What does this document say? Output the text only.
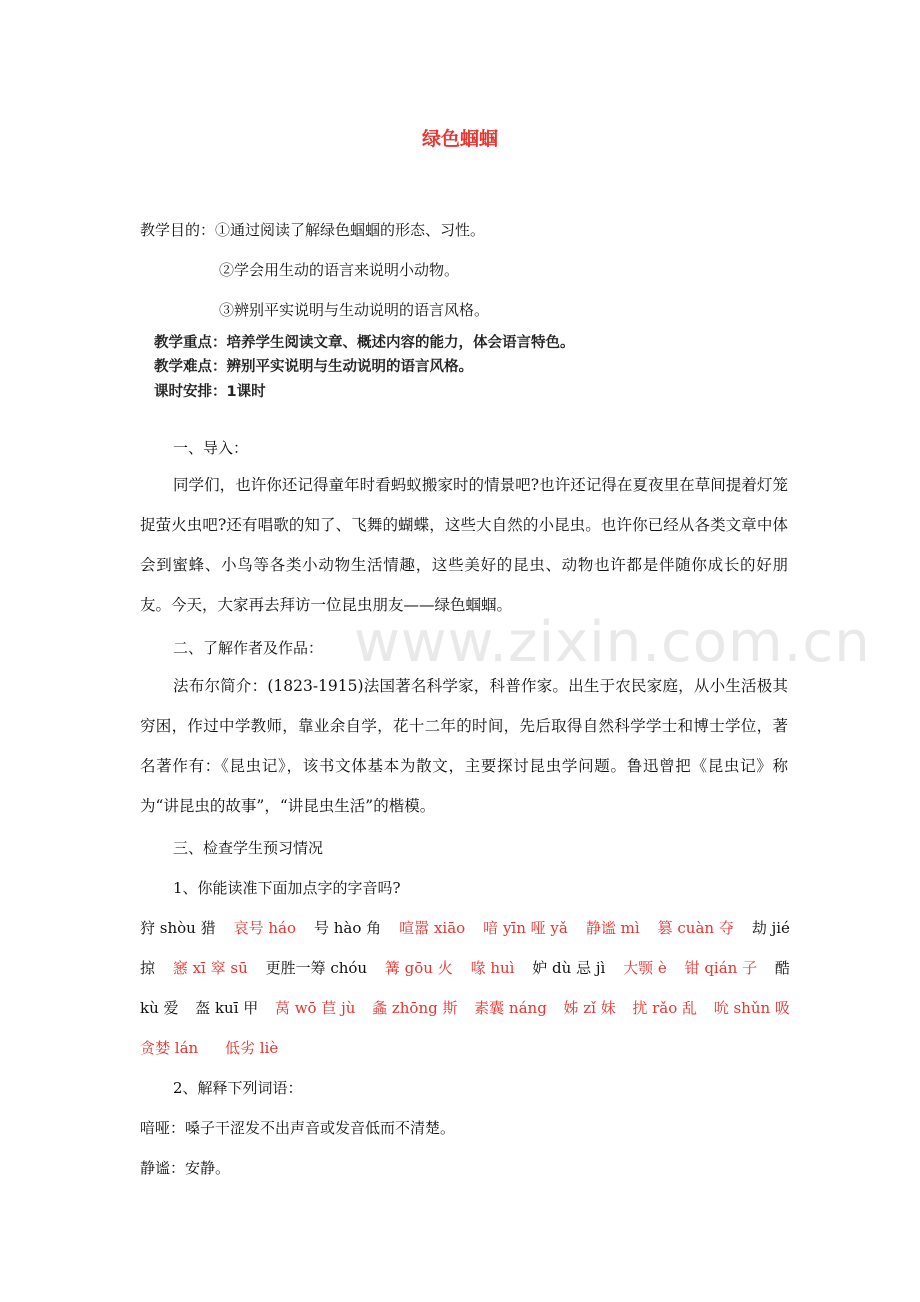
www.zixin.com.cn
绿色蝈蝈
教学目的：①通过阅读了解绿色蝈蝈的形态、习性。
②学会用生动的语言来说明小动物。
③辨别平实说明与生动说明的语言风格。
教学重点：培养学生阅读文章、概述内容的能力，体会语言特色。
教学难点：辨别平实说明与生动说明的语言风格。
课时安排：1课时
一、导入：
同学们，也许你还记得童年时看蚂蚁搬家时的情景吧?也许还记得在夏夜里在草间提着灯笼捉萤火虫吧?还有唱歌的知了、飞舞的蝴蝶，这些大自然的小昆虫。也许你已经从各类文章中体会到蜜蜂、小鸟等各类小动物生活情趣，这些美好的昆虫、动物也许都是伴随你成长的好朋友。今天，大家再去拜访一位昆虫朋友——绿色蝈蝈。
二、了解作者及作品：
法布尔简介：(1823-1915)法国著名科学家，科普作家。出生于农民家庭，从小生活极其穷困，作过中学教师，靠业余自学，花十二年的时间，先后取得自然科学学士和博士学位，著名著作有：《昆虫记》，该书文体基本为散文，主要探讨昆虫学问题。鲁迅曾把《昆虫记》称为“讲昆虫的故事”，“讲昆虫生活”的楷模。
三、检查学生预习情况
1、你能读准下面加点字的字音吗?
狩 shòu 猎 哀号 háo 号 hào 角 喧嚣 xiāo 喑 yīn 哑 yǎ 静谧 mì 篡 cuàn 夺 劫 jié
掠 窸 xī 窣 sū 更胜一筹 chóu 篝 gōu 火 喙 huì 妒 dù 忌 jì 大颚 è 钳 qián 子 酷
kù 爱 盔 kuī 甲 莴 wō 苣 jù 螽 zhōng 斯 素囊 náng 姊 zǐ 妹 扰 rǎo 乱 吮 shǔn 吸
贪婪 lán 低劣 liè
2、解释下列词语：
喑哑：嗓子干涩发不出声音或发音低而不清楚。
静谧：安静。
